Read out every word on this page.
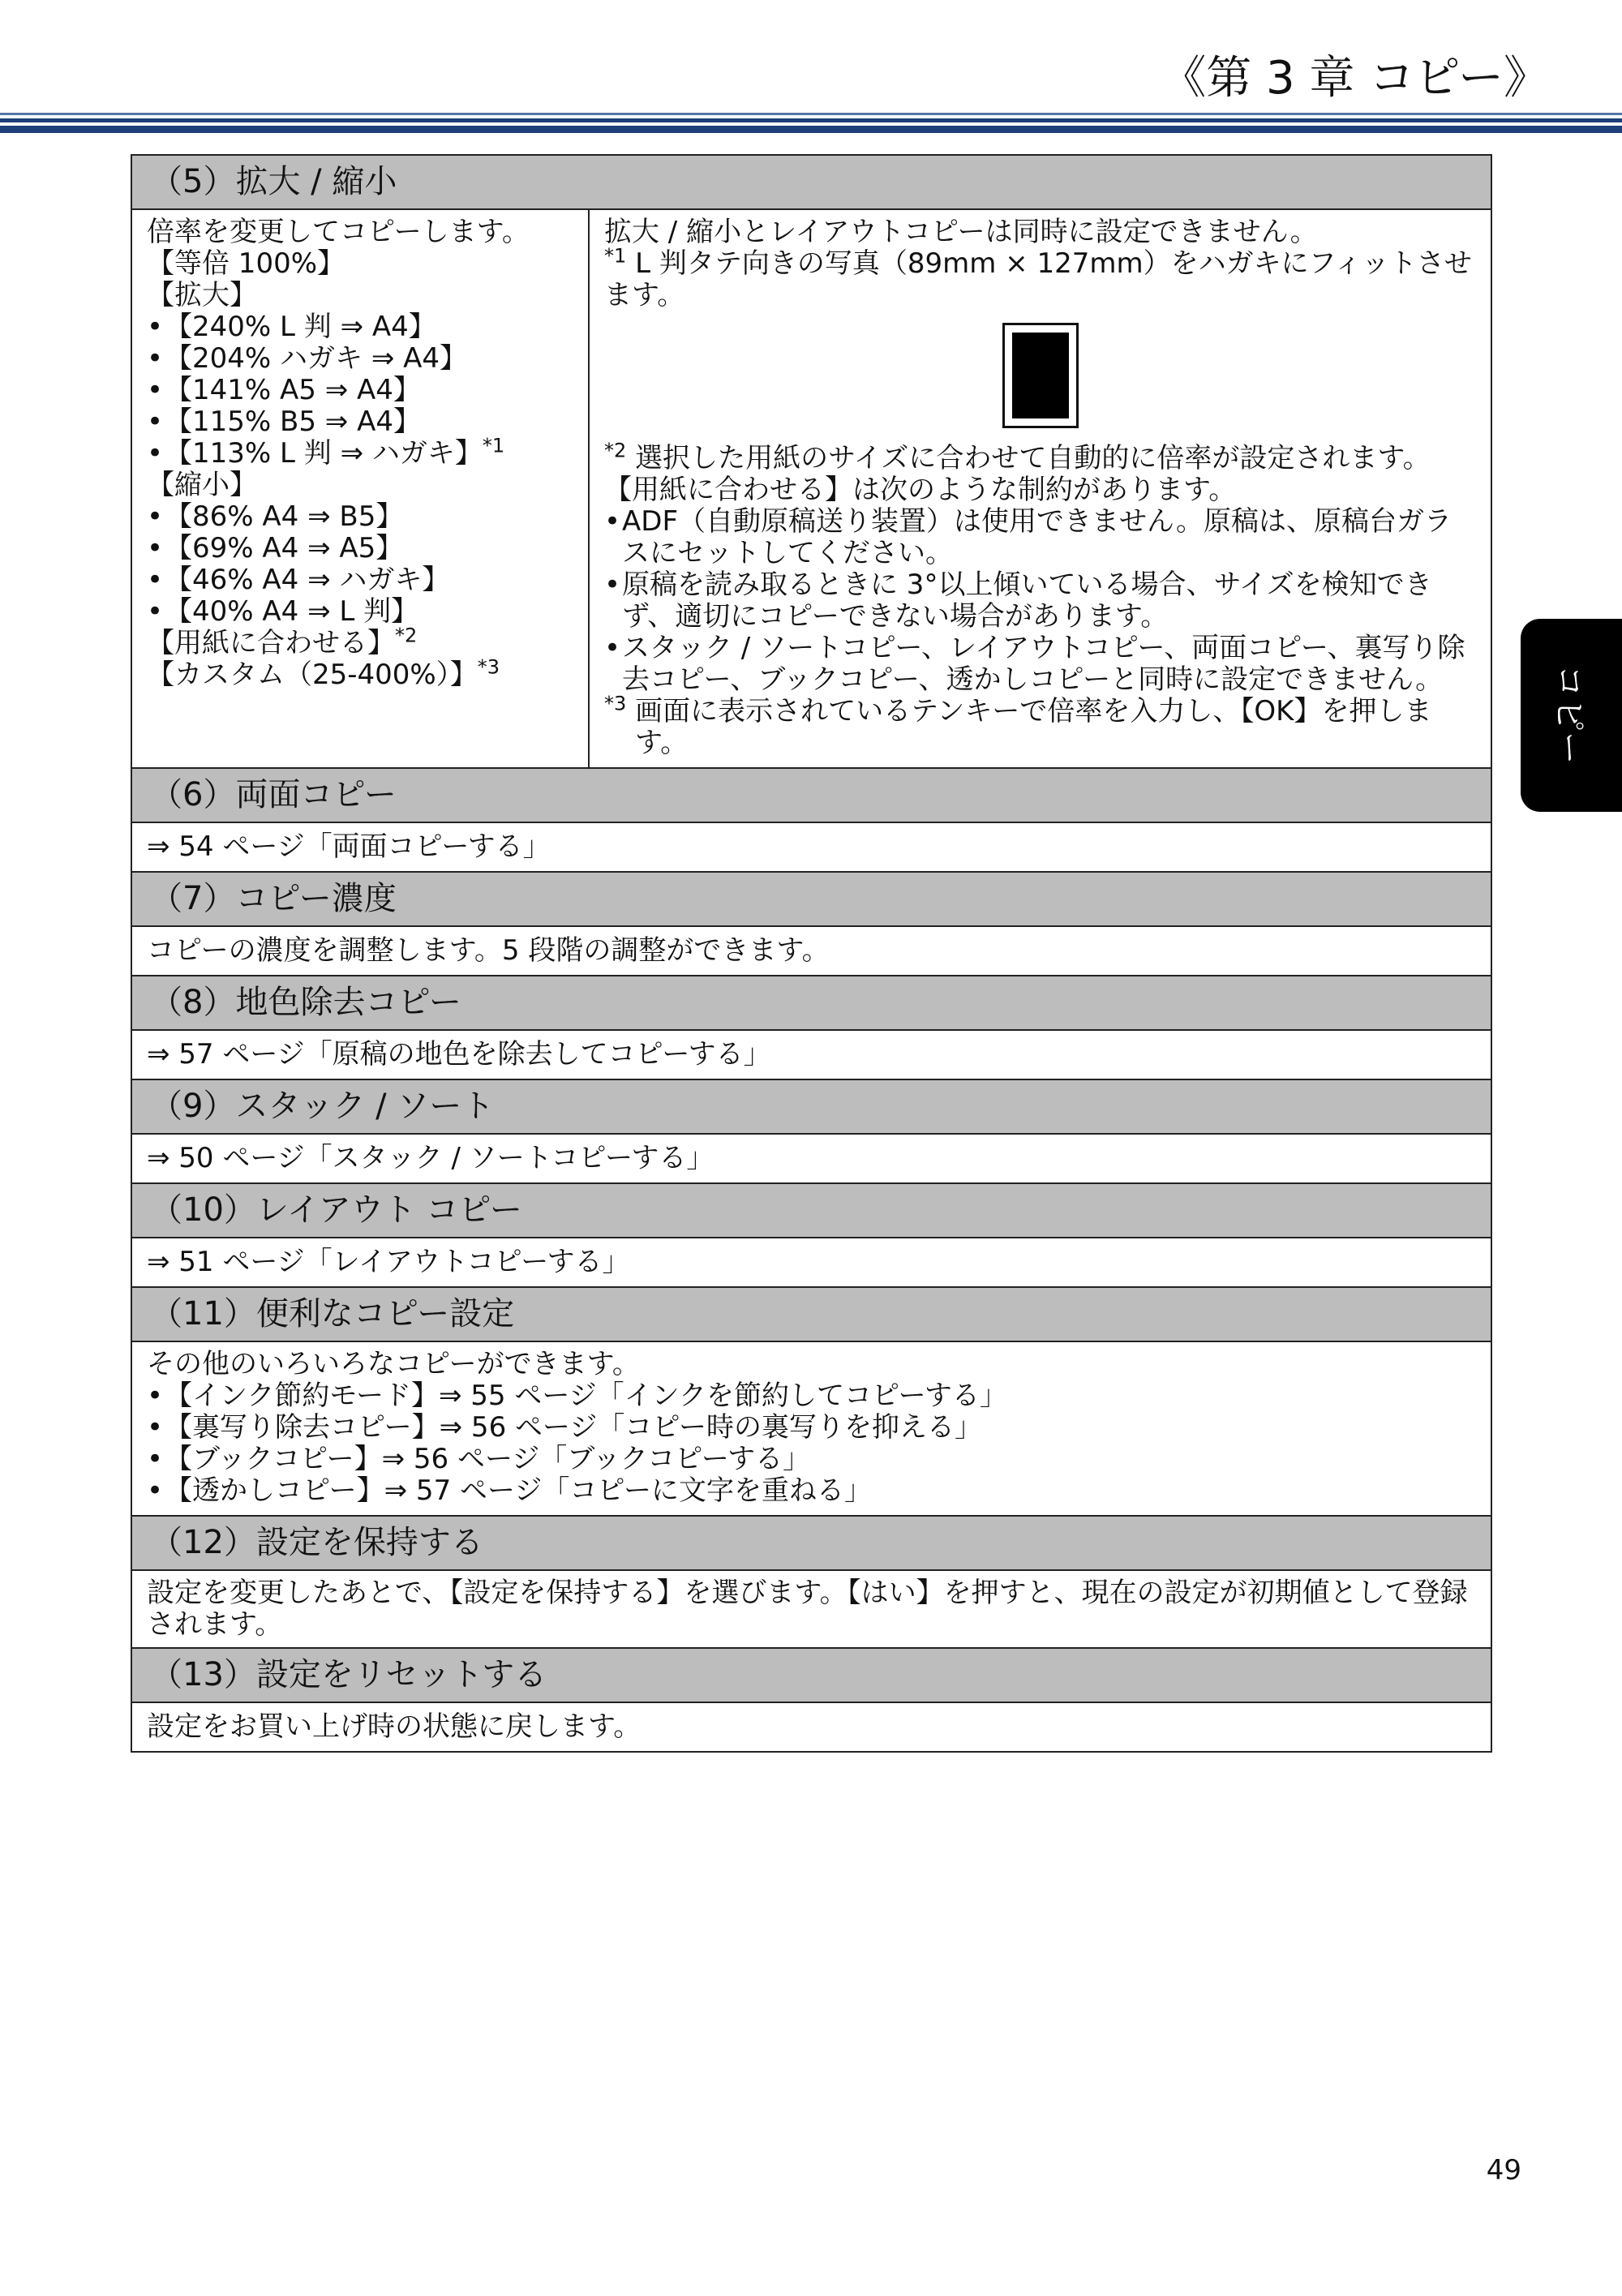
《第 3 章 コピー》
コピー
（5）拡大 / 縮小

倍率を変更してコピーします。
【等倍 100%】
【拡大】
• 【240% L 判 ⇒ A4】
• 【204% ハガキ ⇒ A4】
• 【141% A5 ⇒ A4】
• 【115% B5 ⇒ A4】
• 【113% L 判 ⇒ ハガキ】$^{*1}$
【縮小】
• 【86% A4 ⇒ B5】
• 【69% A4 ⇒ A5】
• 【46% A4 ⇒ ハガキ】
• 【40% A4 ⇒ L 判】
【用紙に合わせる】$^{*2}$
【カスタム（25-400%）】$^{*3}$

拡大 / 縮小とレイアウトコピーは同時に設定できません。
$^{*1}$ L 判タテ向きの写真（89mm × 127mm）をハガキにフィットさせます。
$^{*2}$ 選択した用紙のサイズに合わせて自動的に倍率が設定されます。
【用紙に合わせる】は次のような制約があります。
• ADF（自動原稿送り装置）は使用できません。原稿は、原稿台ガラスにセットしてください。
• 原稿を読み取るときに 3°以上傾いている場合、サイズを検知できず、適切にコピーできない場合があります。
• スタック / ソートコピー、レイアウトコピー、両面コピー、裏写り除去コピー、ブックコピー、透かしコピーと同時に設定できません。
$^{*3}$ 画面に表示されているテンキーで倍率を入力し、【OK】を押します。

（6）両面コピー
⇒ 54 ページ「両面コピーする」
（7）コピー濃度
コピーの濃度を調整します。5 段階の調整ができます。
（8）地色除去コピー
⇒ 57 ページ「原稿の地色を除去してコピーする」
（9）スタック / ソート
⇒ 50 ページ「スタック / ソートコピーする」
（10）レイアウト コピー
⇒ 51 ページ「レイアウトコピーする」
（11）便利なコピー設定

その他のいろいろなコピーができます。
• 【インク節約モード】⇒ 55 ページ「インクを節約してコピーする」
• 【裏写り除去コピー】⇒ 56 ページ「コピー時の裏写りを抑える」
• 【ブックコピー】⇒ 56 ページ「ブックコピーする」
• 【透かしコピー】⇒ 57 ページ「コピーに文字を重ねる」

（12）設定を保持する
設定を変更したあとで、【設定を保持する】を選びます。【はい】を押すと、現在の設定が初期値として登録されます。
（13）設定をリセットする
設定をお買い上げ時の状態に戻します。
49
